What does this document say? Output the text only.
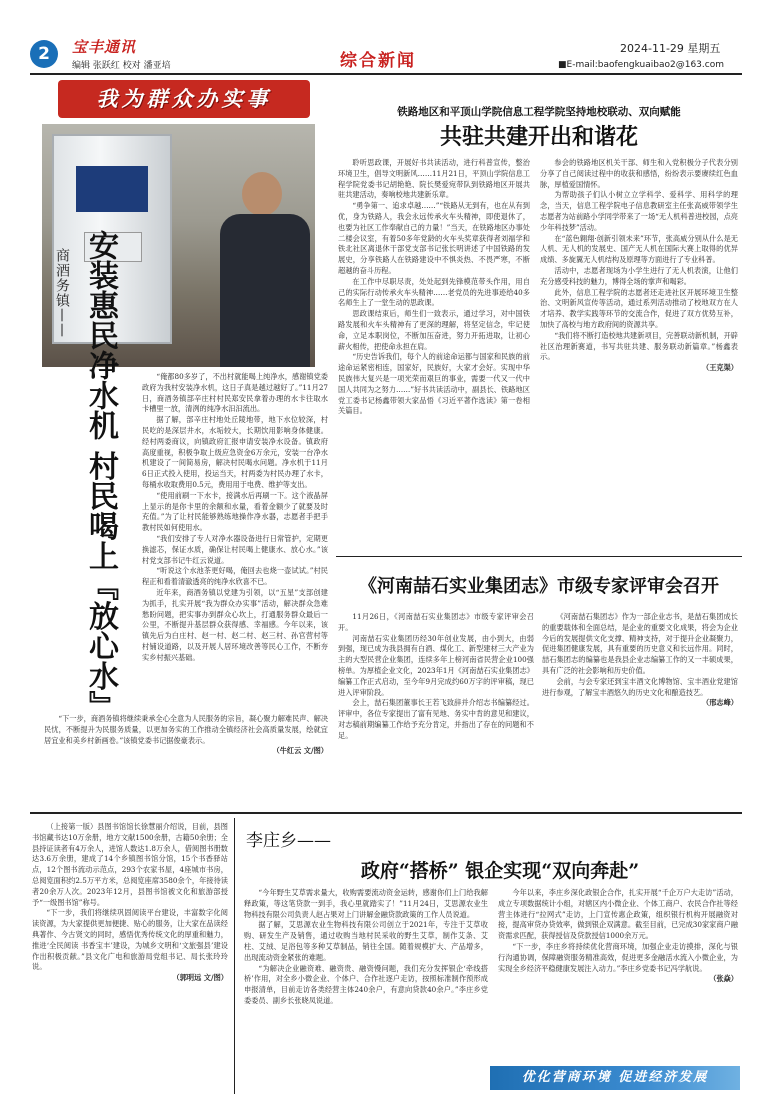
2	宝丰通讯
编辑 张跃红 校对 潘亚培	综合新闻
2024-11-29 星期五
■E-mail:baofengkuaibao2@163.com
我为群众办实事
商酒务镇—— 安装惠民净水机 村民喝上『放心水』	“俺都80多岁了，不出村就能喝上纯净水，感谢镇党委政府为我村安装净水机，这日子真是越过越好了。”11月27日，商酒务镇部辛庄村村民郑安民拿着办理的水卡往取水卡槽里一放，清洌的纯净水汩汩流出。

据了解，部辛庄村地处丘陵地带，地下水位较深，村民吃的是深层井水，水垢较大，长期饮用影响身体健康。经村两委商议，向镇政府汇报申请安装净水设备。镇政府高度重视，积极争取上级应急资金6万余元，安装一台净水机建设了一间简易房，解决村民喝水问题。净水机于11月6日正式投入使用，投运当天，村两委为村民办理了水卡，每桶水收取费用0.5元，费用用于电费、维护等支出。

“使用前刷一下水卡，接满水后再刷一下。这个液晶屏上显示的是你卡里的余额和水量，看着金额少了就要及时充值。”为了让村民能够熟练地操作净水器，志愿者手把手教村民如何使用水。

“我们安排了专人对净水器设备进行日常管护，定期更换滤芯，保证水质，确保让村民喝上健康水、放心水。”该村党支部书记牛红云说道。

“听说这个水池茶更好喝，俺回去也烧一壶试试。”村民程正和看着清澈透亮的纯净水欣喜不已。

近年来，商酒务镇以党建为引领，以“五星”支部创建为抓手，扎实开展“我为群众办实事”活动，解决群众急难愁盼问题，把实事办到群众心坎上，打通服务群众最后一公里，不断提升基层群众获得感、幸福感。今年以来，该镇先后为白庄村、赵一村、赵二村、赵三村、孙官营村等村铺设道路，以及开展人居环境改善等民心工作，不断夯实乡村振兴基础。

“下一步，商酒务镇将继续秉承全心全意为人民服务的宗旨，凝心聚力解难民声、解决民忧，不断提升为民服务质量，以更加务实的工作推动全镇经济社会高质量发展，绘就宜居宜业和美乡村新画卷。”该镇党委书记据俊豪表示。

（牛红云 文/图）
铁路地区和平顶山学院信息工程学院坚持地校联动、双向赋能
共驻共建开出和谐花

聆听思政课，开展好书共读活动，进行科普宣传，整治环境卫生，倡导文明新风……11月21日，平顶山学院信息工程学院党委书记胡艳艳、院长樊爱宛带队到铁路地区开展共驻共建活动，奏响校地共建新乐章。

“勇争第一、追求卓越……”“铁路从无到有，也在从有到优，身为铁路人，我会永远传承火车头精神，即使退休了，也要为社区工作奉献自己的力量！”当天，在铁路地区办事处二楼会议室，有着50多年党龄的火车头奖章获得者刘福学和铁北社区离退休干部党支部书记张长明讲述了中国铁路的发展史，分享铁路人在铁路建设中不惧炎热、不畏严寒，不断超越的奋斗历程。

在工作中尽职尽责，处处起到先锋模范带头作用，用自己的实际行动传承火车头精神……老党员的先进事迹给40多名师生上了一堂生动的思政课。

思政课结束后，师生们一致表示，通过学习，对中国铁路发展和火车头精神有了更深的理解，将坚定信念，牢记使命，立足本职岗位，不断加压奋进，努力开拓进取，让初心薪火相传，把使命永担在肩。

“历史告诉我们，每个人的前途命运都与国家和民族的前途命运紧密相连，国家好，民族好，大家才会好。实现中华民族伟大复兴是一项光荣而艰巨的事业，需要一代又一代中国人共同为之努力……”好书共读活动中，副县长、铁路地区党工委书记杨鑫带领大家品悟《习近平著作选读》第一卷相关篇目。

参会的铁路地区机关干部、师生和入党积极分子代表分别分享了自己阅读过程中的收获和感悟，纷纷表示要赓续红色血脉，厚植爱国情怀。

为帮助孩子们认小树立立学科学、爱科学、用科学的理念，当天，信息工程学院电子信息教研室主任张高威带领学生志愿者为站前路小学同学带来了一场“无人机科普进校园，点亮少年科技梦”活动。

在“蓝色翱翔·创新引领未来”环节，张高威分别从什么是无人机、无人机的发展史、国产无人机在国际大赛上取得的优异成绩、多旋翼无人机结构及原理等方面进行了专业科普。

活动中，志愿者现场为小学生进行了无人机表演，让他们充分感受科技的魅力，博得全场的掌声和喝彩。

此外，信息工程学院的志愿者还走进社区开展环境卫生整治、文明新风宣传等活动，通过系列活动推动了校地双方在人才培养、教学实践等环节的交流合作，促进了双方优势互补，加快了高校与地方政府间的资源共享。

“我们将不断打造校地共建新项目，完善联动新机制，开辟社区治理新赛道，书写共驻共建、服务联动新篇章。”杨鑫表示。

（王克渠）
《河南喆石实业集团志》市级专家评审会召开

11月26日，《河南喆石实业集团志》市级专家评审会召开。

河南喆石实业集团历经30年创业发展，由小到大，由弱到强，现已成为我县拥有白酒、煤化工、新型建材三大产业为主的大型民营企业集团，连续多年上榜河南省民营企业100强榜单。为厚植企业文化，2023年1月《河南喆石实业集团志》编纂工作正式启动，至今年9月完成约60万字的评审稿，现已进入评审阶段。

会上，喆石集团董事长王若飞致辞并介绍志书编纂经过。评审中，各位专家提出了富有见地、务实中肯的意见和建议，对志稿前期编纂工作给予充分肯定，并指出了存在的问题和不足。

《河南喆石集团志》作为一部企业志书，是喆石集团成长的重要载体和全面总结，是企业的重要文化成果，将会为企业今后的发展提供文化支撑、精神支持，对于提升企业凝聚力，促进集团健康发展，具有重要的历史意义和长远作用。同时，喆石集团志的编纂也是我县企业志编纂工作的又一丰硕成果，具有广泛的社会影响和历史价值。

会前，与会专家还到宝丰酒文化博物馆、宝丰酒业党建馆进行参观，了解宝丰酒悠久的历史文化和酿造技艺。

（邢志峰）

（上接第一版）县图书馆馆长徐慧丽介绍说，目前，县图书馆藏书达10万余册，地方文献1500余册，古籍50余册；全县持证读者有4万余人，进馆人数达1.8万余人，借阅图书册数达3.6万余册，建成了14个乡镇图书馆分馆，15个书香驿站点，12个图书流动示范点，293个农家书屋，4座城市书房，总阅览面积约2.5万平方米，总阅览座席3580余个，年接待读者20余万人次。2023年12月，县图书馆被文化和旅游部授予“一级图书馆”称号。

“下一步，我们将继续巩固阅读平台建设，丰富数字化阅读资源，为大家提供更加便捷、贴心的服务，让大家在品读经典著作、今古贤文的同时，感悟优秀传统文化的厚重和魅力，推进‘全民阅读 书香宝丰’建设，为城乡文明和‘文旅强县’建设作出积极贡献。”县文化广电和旅游局党组书记、局长张玲玲说。

（郭明远 文/图）
李庄乡——
政府“搭桥” 银企实现“双向奔赴”

“今年野生艾草需求量大，收购需要流动资金运转，感谢你们上门给我解释政策，等这笔贷款一到手，我心里就踏实了！”11月24日，艾思源农业生物科技有限公司负责人赵占果对上门讲解金融贷款政策的工作人员说道。

据了解，艾思源农业生物科技有限公司创立于2021年，专注于艾草收购、研发生产及销售，通过收购当地村民采收的野生艾草，制作艾条、艾柱、艾绒、足浴包等多种艾草制品，销往全国。随着规模扩大、产品增多，出现流动资金紧张的难题。

“为解决企业融资难、融资贵、融资慢问题，我们充分发挥银企‘牵线搭桥’作用，对全乡小微企业、个体户、合作社逐户走访，按照标准制作预形成申报清单，目前走访各类经营主体240余户，有意向贷款40余户。”李庄乡党委委员、副乡长张晓凤说道。

今年以来，李庄乡深化政银企合作，扎实开展“千企万户大走访”活动，成立专项数据统计小组，对辖区内小微企业、个体工商户、农民合作社等经营主体进行“拉网式”走访，上门宣传惠企政策，组织银行机构开展融资对接，提高审贷办贷效率，做到银企双满意。截至目前，已完成30家家商户融资需求匹配，获得授信及贷款授信1000余万元。

“下一步，李庄乡将持续优化营商环境，加强企业走访摸排，深化与银行沟通协调，保障融资服务精准高效，促进更多金融活水流入小微企业，为实现全乡经济平稳健康发展注入动力。”李庄乡党委书记冯学航说。

（张焱）
优化营商环境 促进经济发展
